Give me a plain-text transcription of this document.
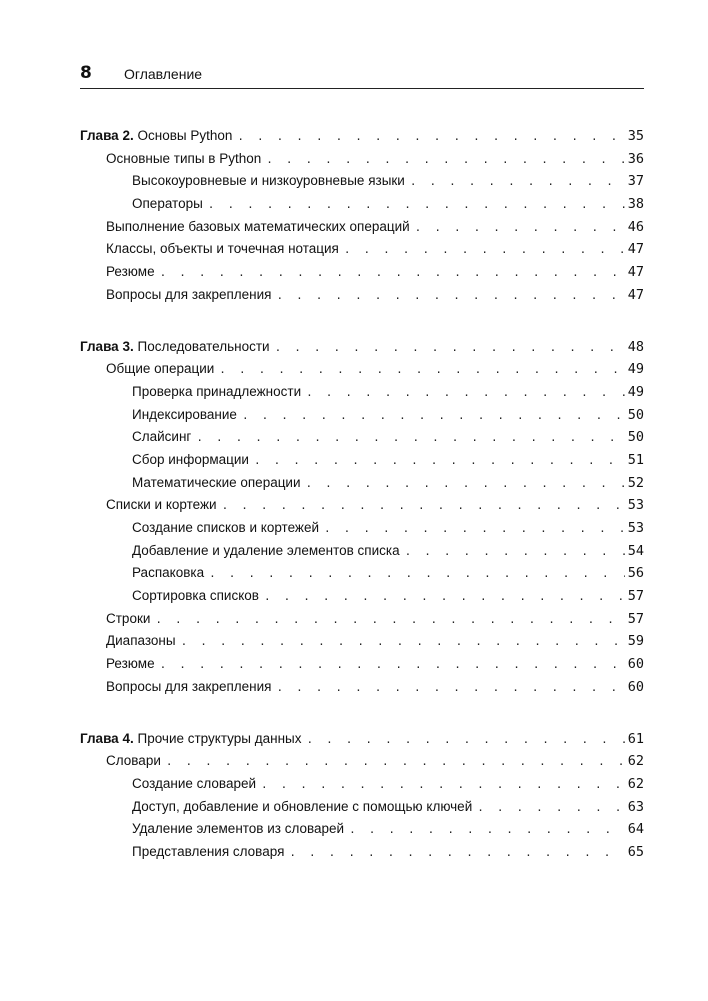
8 Оглавление
Глава 2. Основы Python . . .	35
Основные типы в Python . . .	36
Высокоуровневые и низкоуровневые языки . . .	37
Операторы . . .	38
Выполнение базовых математических операций . . .	46
Классы, объекты и точечная нотация . . .	47
Резюме . . .	47
Вопросы для закрепления . . .	47
Глава 3. Последовательности . . .	48
Общие операции . . .	49
Проверка принадлежности . . .	49
Индексирование . . .	50
Слайсинг . . .	50
Сбор информации . . .	51
Математические операции . . .	52
Списки и кортежи . . .	53
Создание списков и кортежей . . .	53
Добавление и удаление элементов списка . . .	54
Распаковка . . .	56
Сортировка списков . . .	57
Строки . . .	57
Диапазоны . . .	59
Резюме . . .	60
Вопросы для закрепления . . .	60
Глава 4. Прочие структуры данных . . .	61
Словари . . .	62
Создание словарей . . .	62
Доступ, добавление и обновление с помощью ключей . . .	63
Удаление элементов из словарей . . .	64
Представления словаря . . .	65
